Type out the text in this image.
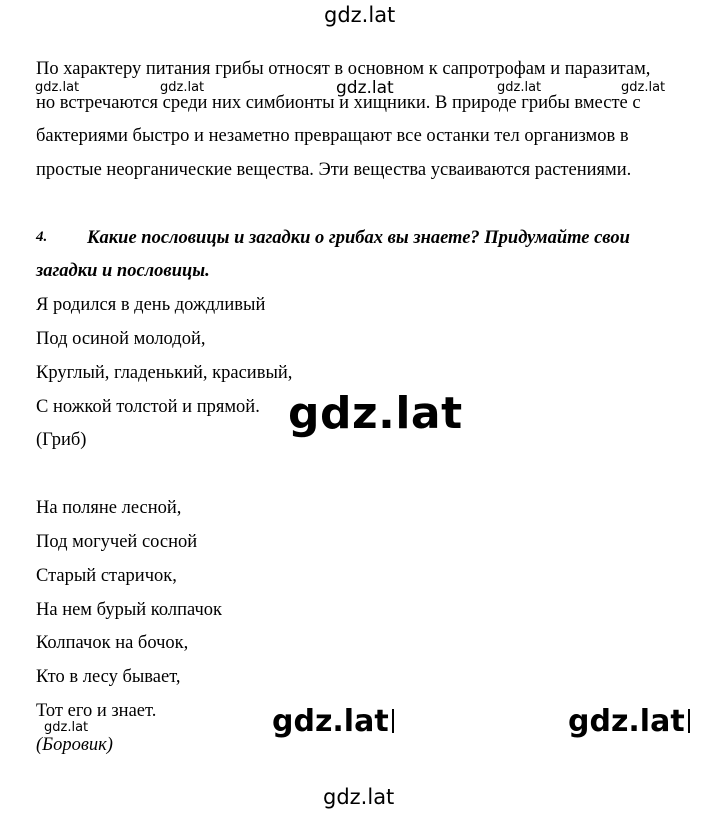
gdz.lat
gdz.lat
gdz.lat	gdz.lat	gdz.lat	gdz.lat	gdz.lat
gdz.lat
gdz.lat
gdz.lat	gdz.lat
По характеру питания грибы относят в основном к сапротрофам и паразитам,
но встречаются среди них симбионты и хищники. В природе грибы вместе с
бактериями быстро и незаметно превращают все останки тел организмов в
простые неорганические вещества. Эти вещества усваиваются растениями.
4. Какие пословицы и загадки о грибах вы знаете? Придумайте свои
загадки и пословицы.
Я родился в день дождливый
Под осиной молодой,
Круглый, гладенький, красивый,
С ножкой толстой и прямой.
(Гриб)
На поляне лесной,
Под могучей сосной
Старый старичок,
На нем бурый колпачок
Колпачок на бочок,
Кто в лесу бывает,
Тот его и знает.
(Боровик)
